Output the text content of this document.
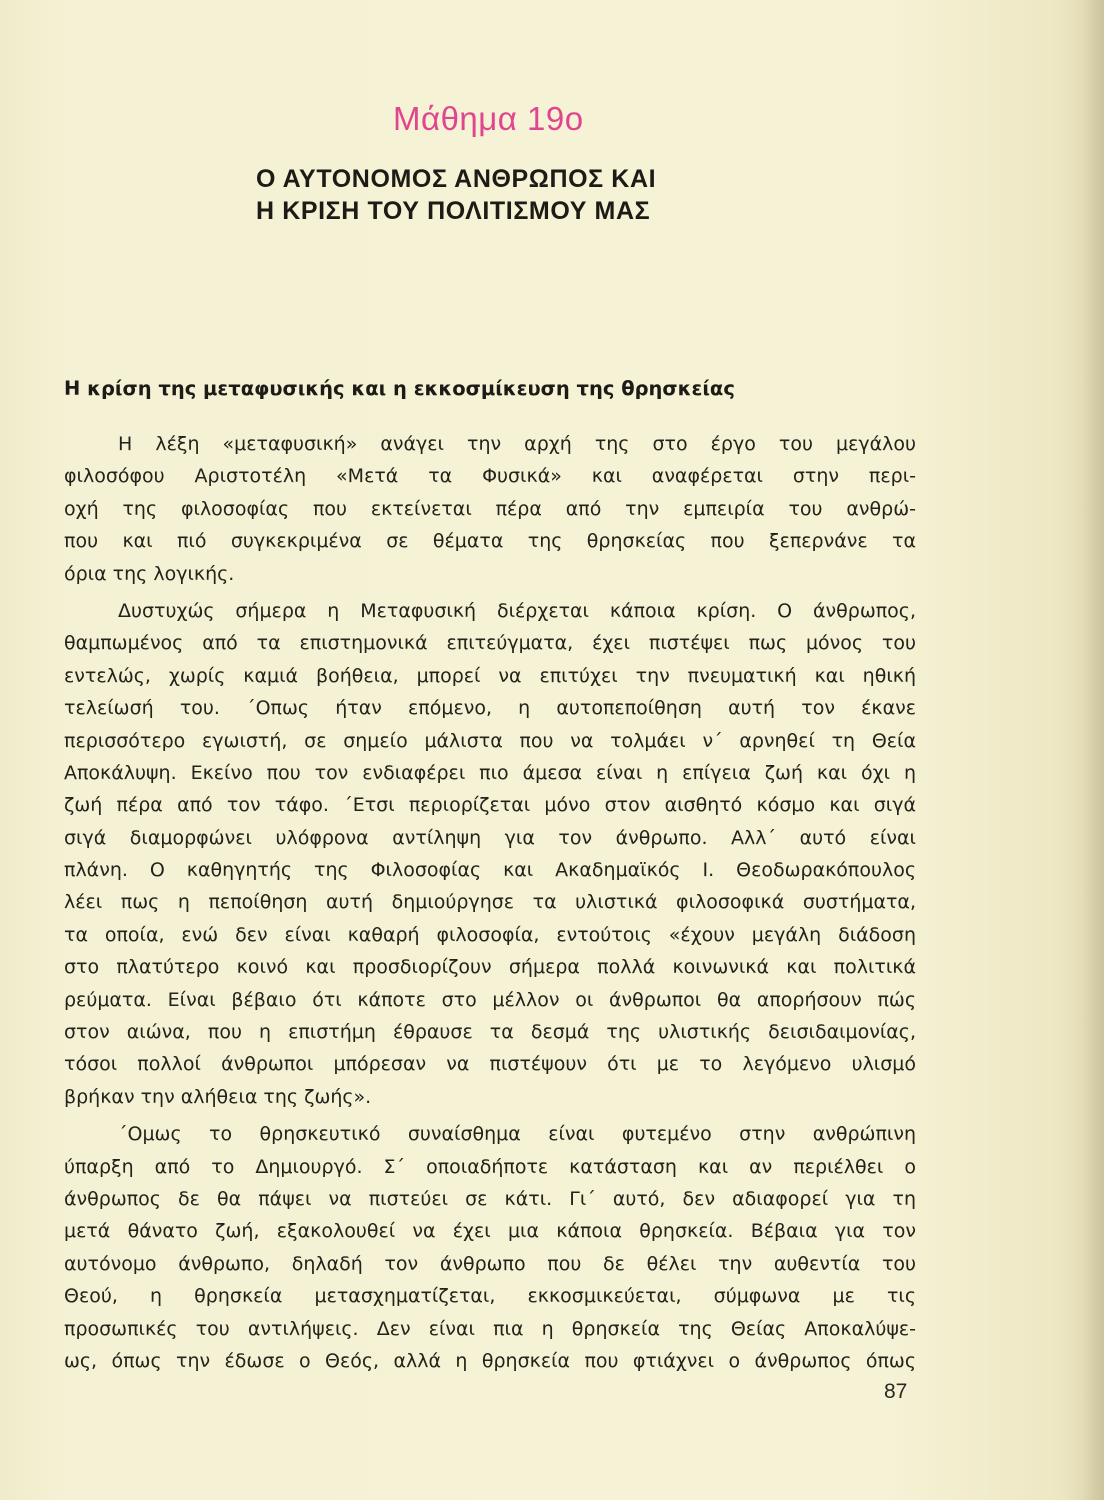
Μάθημα 19ο
Ο ΑΥΤΟΝΟΜΟΣ ΑΝΘΡΩΠΟΣ ΚΑΙ
Η ΚΡΙΣΗ ΤΟΥ ΠΟΛΙΤΙΣΜΟΥ ΜΑΣ
Η κρίση της μεταφυσικής και η εκκοσμίκευση της θρησκείας
Η λέξη «μεταφυσική» ανάγει την αρχή της στο έργο του μεγάλου
φιλοσόφου Αριστοτέλη «Μετά τα Φυσικά» και αναφέρεται στην περι-
οχή της φιλοσοφίας που εκτείνεται πέρα από την εμπειρία του ανθρώ-
που και πιό συγκεκριμένα σε θέματα της θρησκείας που ξεπερνάνε τα
όρια της λογικής.
Δυστυχώς σήμερα η Μεταφυσική διέρχεται κάποια κρίση. Ο άνθρωπος,
θαμπωμένος από τα επιστημονικά επιτεύγματα, έχει πιστέψει πως μόνος του
εντελώς, χωρίς καμιά βοήθεια, μπορεί να επιτύχει την πνευματική και ηθική
τελείωσή του. ΄Οπως ήταν επόμενο, η αυτοπεποίθηση αυτή τον έκανε
περισσότερο εγωιστή, σε σημείο μάλιστα που να τολμάει ν΄ αρνηθεί τη Θεία
Αποκάλυψη. Εκείνο που τον ενδιαφέρει πιο άμεσα είναι η επίγεια ζωή και όχι η
ζωή πέρα από τον τάφο. ΄Ετσι περιορίζεται μόνο στον αισθητό κόσμο και σιγά
σιγά διαμορφώνει υλόφρονα αντίληψη για τον άνθρωπο. Αλλ΄ αυτό είναι
πλάνη. Ο καθηγητής της Φιλοσοφίας και Ακαδημαϊκός Ι. Θεοδωρακόπουλος
λέει πως η πεποίθηση αυτή δημιούργησε τα υλιστικά φιλοσοφικά συστήματα,
τα οποία, ενώ δεν είναι καθαρή φιλοσοφία, εντούτοις «έχουν μεγάλη διάδοση
στο πλατύτερο κοινό και προσδιορίζουν σήμερα πολλά κοινωνικά και πολιτικά
ρεύματα. Είναι βέβαιο ότι κάποτε στο μέλλον οι άνθρωποι θα απορήσουν πώς
στον αιώνα, που η επιστήμη έθραυσε τα δεσμά της υλιστικής δεισιδαιμονίας,
τόσοι πολλοί άνθρωποι μπόρεσαν να πιστέψουν ότι με το λεγόμενο υλισμό
βρήκαν την αλήθεια της ζωής».
΄Ομως το θρησκευτικό συναίσθημα είναι φυτεμένο στην ανθρώπινη
ύπαρξη από το Δημιουργό. Σ΄ οποιαδήποτε κατάσταση και αν περιέλθει ο
άνθρωπος δε θα πάψει να πιστεύει σε κάτι. Γι΄ αυτό, δεν αδιαφορεί για τη
μετά θάνατο ζωή, εξακολουθεί να έχει μια κάποια θρησκεία. Βέβαια για τον
αυτόνομο άνθρωπο, δηλαδή τον άνθρωπο που δε θέλει την αυθεντία του
Θεού, η θρησκεία μετασχηματίζεται, εκκοσμικεύεται, σύμφωνα με τις
προσωπικές του αντιλήψεις. Δεν είναι πια η θρησκεία της Θείας Αποκαλύψε-
ως, όπως την έδωσε ο Θεός, αλλά η θρησκεία που φτιάχνει ο άνθρωπος όπως
87
